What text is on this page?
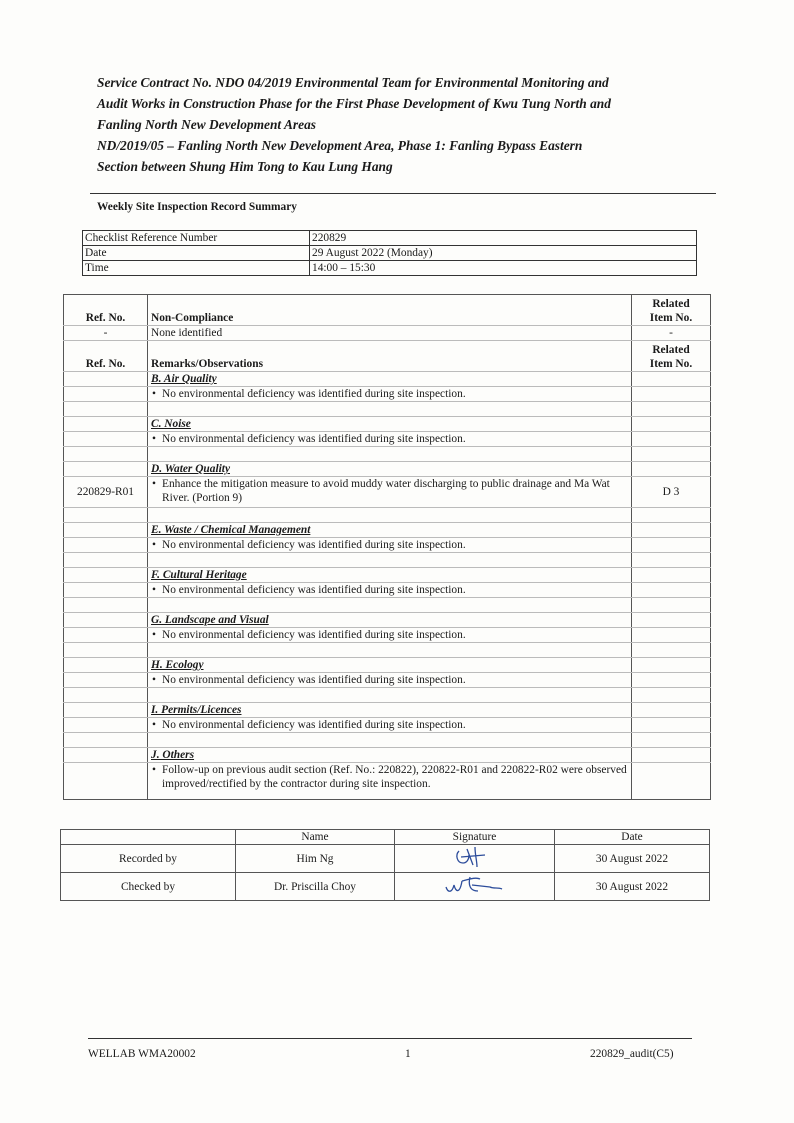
Service Contract No. NDO 04/2019 Environmental Team for Environmental Monitoring and

Audit Works in Construction Phase for the First Phase Development of Kwu Tung North and

Fanling North New Development Areas

ND/2019/05 – Fanling North New Development Area, Phase 1: Fanling Bypass Eastern

Section between Shung Him Tong to Kau Lung Hang

Weekly Site Inspection Record Summary
Checklist Reference Number	220829
Date	29 August 2022 (Monday)
Time	14:00 – 15:30
Ref. No.	Non-Compliance	Related
Item No.
-	None identified	-
Ref. No.	Remarks/Observations	Related
Item No.
	B. Air Quality	
	• No environmental deficiency was identified during site inspection.	

	C. Noise	
	• No environmental deficiency was identified during site inspection.	

	D. Water Quality	
220829-R01	• Enhance the mitigation measure to avoid muddy water discharging to public drainage and Ma Wat River. (Portion 9)	D 3

	E. Waste / Chemical Management	
	• No environmental deficiency was identified during site inspection.	

	F. Cultural Heritage	
	• No environmental deficiency was identified during site inspection.	

	G. Landscape and Visual	
	• No environmental deficiency was identified during site inspection.	

	H. Ecology	
	• No environmental deficiency was identified during site inspection.	

	I. Permits/Licences	
	• No environmental deficiency was identified during site inspection.	

	J. Others	
	• Follow-up on previous audit section (Ref. No.: 220822), 220822-R01 and 220822-R02 were observed improved/rectified by the contractor during site inspection.	
	Name	Signature	Date
Recorded by	Him Ng		30 August 2022
Checked by	Dr. Priscilla Choy		30 August 2022
WELLAB WMA20002	1	220829_audit(C5)
